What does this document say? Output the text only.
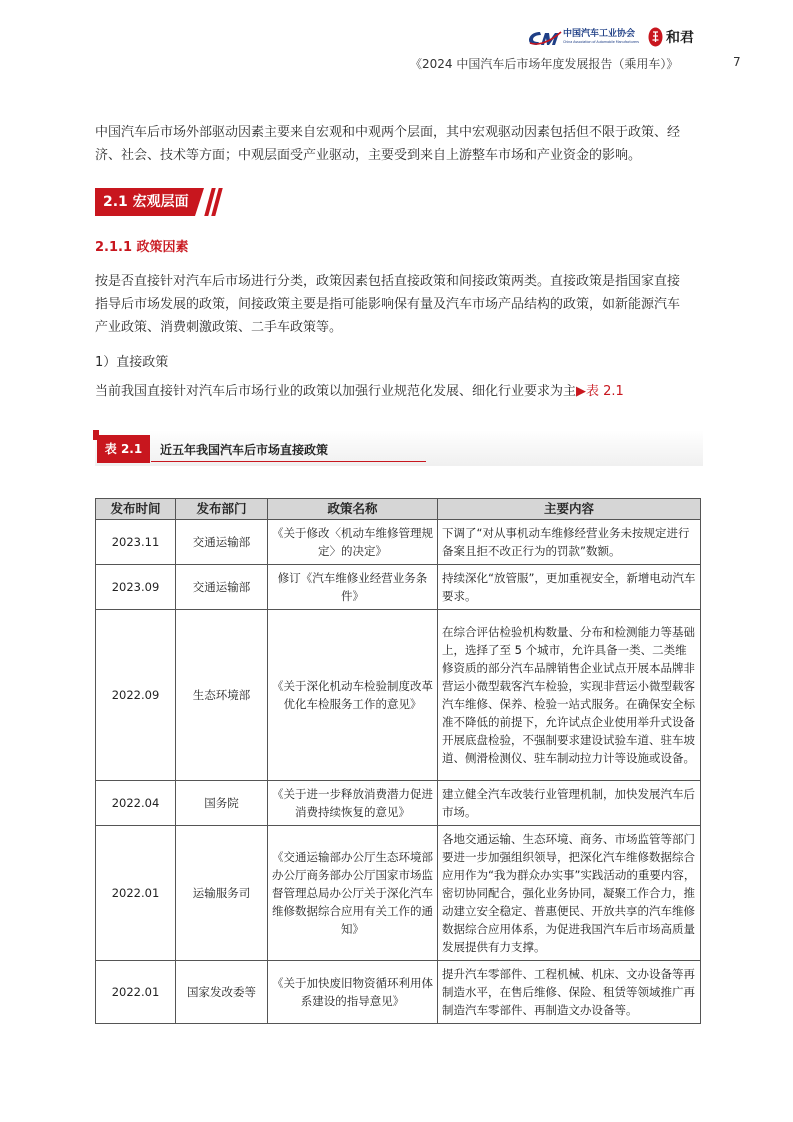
中国汽车工业协会
China Association of Automobile Manufacturers 和君
《2024 中国汽车后市场年度发展报告（乘用车）》	7
中国汽车后市场外部驱动因素主要来自宏观和中观两个层面，其中宏观驱动因素包括但不限于政策、经
济、社会、技术等方面；中观层面受产业驱动，主要受到来自上游整车市场和产业资金的影响。
2.1 宏观层面
2.1.1 政策因素
按是否直接针对汽车后市场进行分类，政策因素包括直接政策和间接政策两类。直接政策是指国家直接
指导后市场发展的政策，间接政策主要是指可能影响保有量及汽车市场产品结构的政策，如新能源汽车
产业政策、消费刺激政策、二手车政策等。
1）直接政策
当前我国直接针对汽车后市场行业的政策以加强行业规范化发展、细化行业要求为主▶表 2.1
表 2.1	近五年我国汽车后市场直接政策
发布时间	发布部门	政策名称	主要内容
2023.11	交通运输部	《关于修改〈机动车维修管理规定〉的决定》	下调了“对从事机动车维修经营业务未按规定进行备案且拒不改正行为的罚款”数额。
2023.09	交通运输部	修订《汽车维修业经营业务条件》	持续深化“放管服”，更加重视安全，新增电动汽车要求。
2022.09	生态环境部	《关于深化机动车检验制度改革优化车检服务工作的意见》	在综合评估检验机构数量、分布和检测能力等基础上，选择了至 5 个城市，允许具备一类、二类维修资质的部分汽车品牌销售企业试点开展本品牌非营运小微型载客汽车检验，实现非营运小微型载客汽车维修、保养、检验一站式服务。在确保安全标准不降低的前提下，允许试点企业使用举升式设备开展底盘检验，不强制要求建设试验车道、驻车坡道、侧滑检测仪、驻车制动拉力计等设施或设备。
2022.04	国务院	《关于进一步释放消费潜力促进消费持续恢复的意见》	建立健全汽车改装行业管理机制，加快发展汽车后市场。
2022.01	运输服务司	《交通运输部办公厅生态环境部办公厅商务部办公厅国家市场监督管理总局办公厅关于深化汽车维修数据综合应用有关工作的通知》	各地交通运输、生态环境、商务、市场监管等部门要进一步加强组织领导，把深化汽车维修数据综合应用作为“我为群众办实事”实践活动的重要内容，密切协同配合，强化业务协同，凝聚工作合力，推动建立安全稳定、普惠便民、开放共享的汽车维修数据综合应用体系，为促进我国汽车后市场高质量发展提供有力支撑。
2022.01	国家发改委等	《关于加快废旧物资循环利用体系建设的指导意见》	提升汽车零部件、工程机械、机床、文办设备等再制造水平，在售后维修、保险、租赁等领域推广再制造汽车零部件、再制造文办设备等。
